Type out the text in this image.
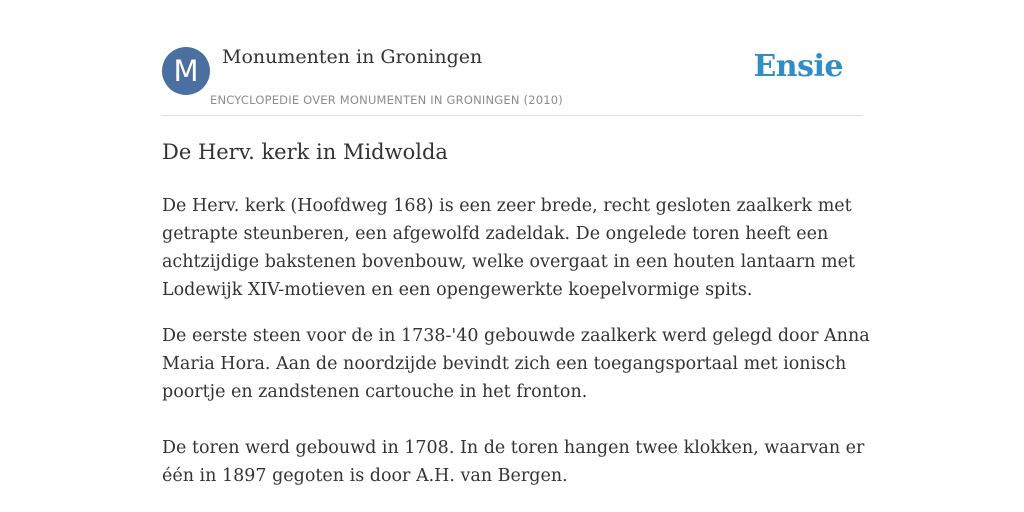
M	Monumenten in Groningen
ENCYCLOPEDIE OVER MONUMENTEN IN GRONINGEN (2010)
Ensie
De Herv. kerk in Midwolda

De Herv. kerk (Hoofdweg 168) is een zeer brede, recht gesloten zaalkerk met
getrapte steunberen, een afgewolfd zadeldak. De ongelede toren heeft een
achtzijdige bakstenen bovenbouw, welke overgaat in een houten lantaarn met
Lodewijk XIV-motieven en een opengewerkte koepelvormige spits.

De eerste steen voor de in 1738-'40 gebouwde zaalkerk werd gelegd door Anna
Maria Hora. Aan de noordzijde bevindt zich een toegangsportaal met ionisch
poortje en zandstenen cartouche in het fronton.

De toren werd gebouwd in 1708. In de toren hangen twee klokken, waarvan er
één in 1897 gegoten is door A.H. van Bergen.
